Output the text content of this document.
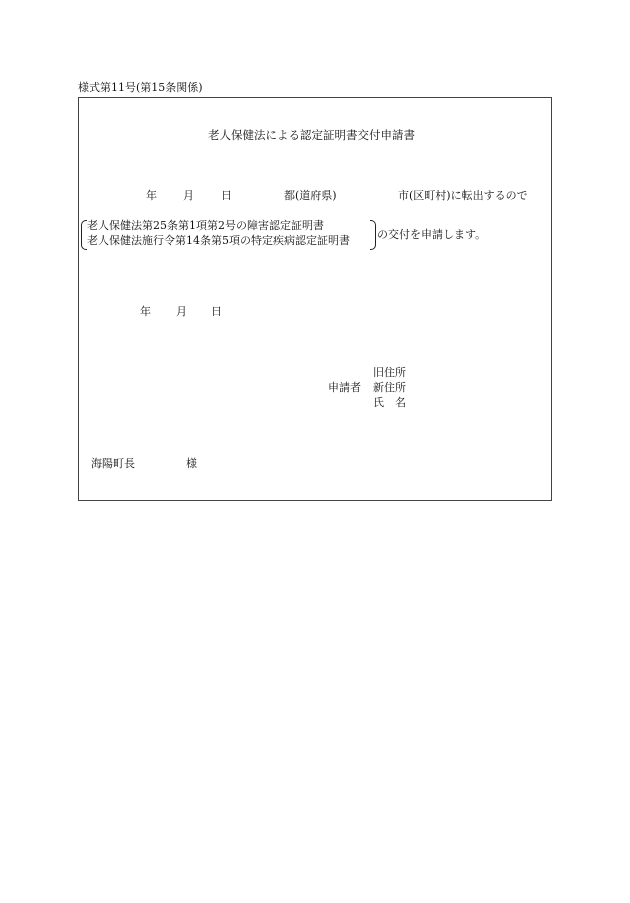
様式第11号(第15条関係)
老人保健法による認定証明書交付申請書
年 月 日	都(道府県)	市(区町村)に転出するので
老人保健法第25条第1項第2号の障害認定証明書
老人保健法施行令第14条第5項の特定疾病認定証明書 の交付を申請します。
年 月 日
旧住所
申請者 新住所
氏　名
海陽町長	様
